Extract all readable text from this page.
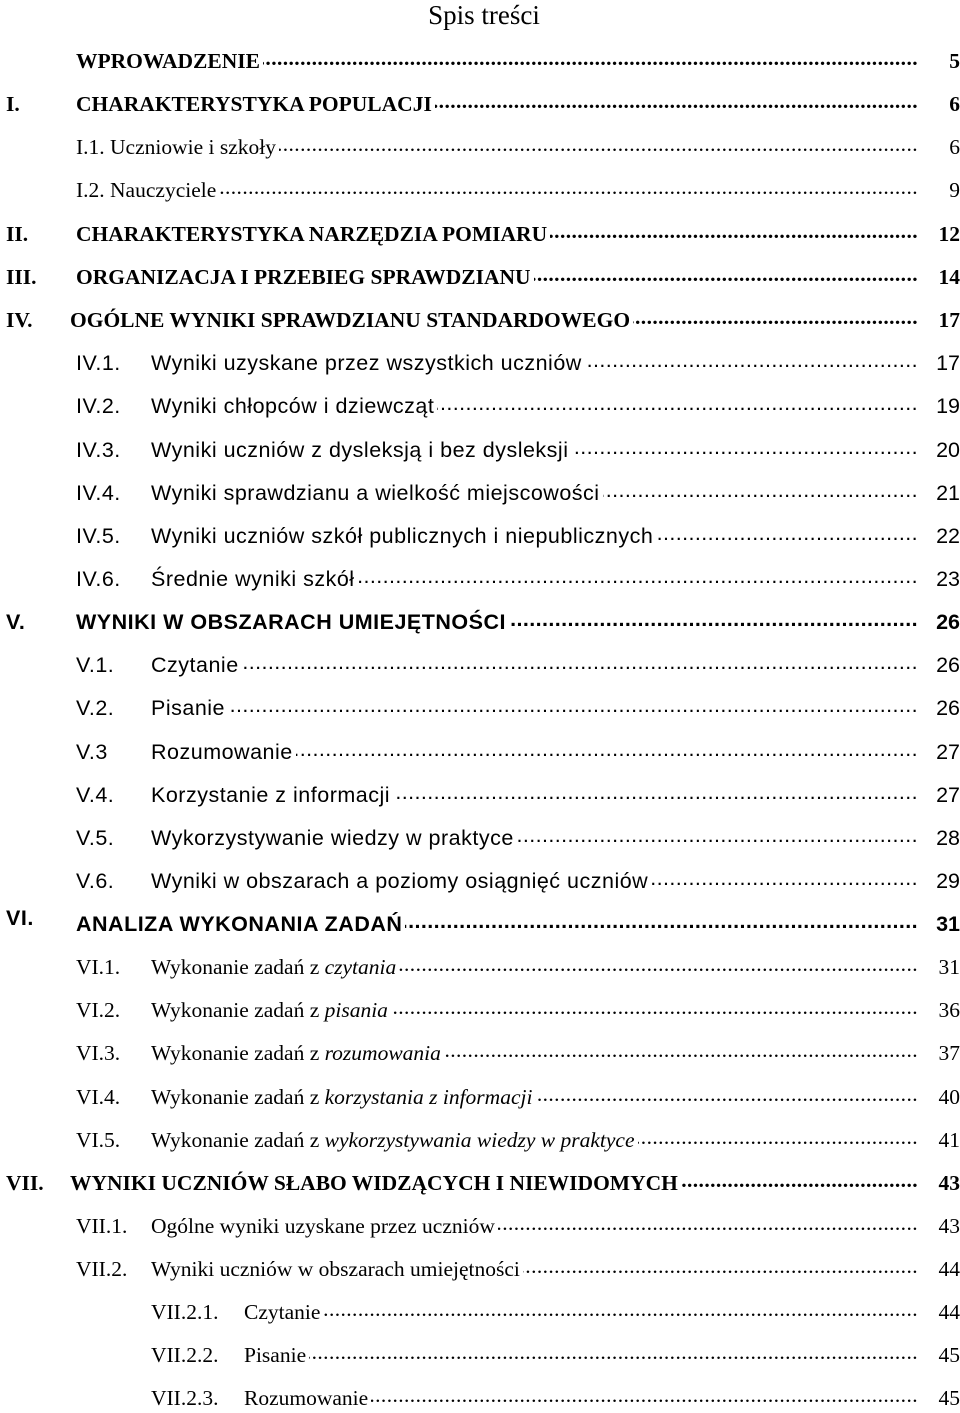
Spis treści
.....
WPROWADZENIE	5
.....
I.	CHARAKTERYSTYKA POPULACJI	6
.....
I.1. Uczniowie i szkoły	6
.....
I.2. Nauczyciele	9
.....
II. CHARAKTERYSTYKA NARZĘDZIA POMIARU	12
.....
III. ORGANIZACJA I PRZEBIEG SPRAWDZIANU	14
.....
IV. OGÓLNE WYNIKI SPRAWDZIANU STANDARDOWEGO	17
.....
IV.1. Wyniki uzyskane przez wszystkich uczniów	17
.....
IV.2. Wyniki chłopców i dziewcząt	19
.....
IV.3. Wyniki uczniów z dysleksją i bez dysleksji	20
.....
IV.4. Wyniki sprawdzianu a wielkość miejscowości	21
.....
IV.5. Wyniki uczniów szkół publicznych i niepublicznych	22
.....
IV.6. Średnie wyniki szkół	23
.....
V. WYNIKI W OBSZARACH UMIEJĘTNOŚCI	26
.....
V.1. Czytanie	26
.....
V.2. Pisanie	26
.....
V.3 Rozumowanie	27
.....
V.4. Korzystanie z informacji	27
.....
V.5. Wykorzystywanie wiedzy w praktyce	28
.....
V.6. Wyniki w obszarach a poziomy osiągnięć uczniów	29
.....
VI. ANALIZA WYKONANIA ZADAŃ	31
.....
VI.1. Wykonanie zadań z czytania	31
.....
VI.2. Wykonanie zadań z pisania	36
.....
VI.3. Wykonanie zadań z rozumowania	37
.....
VI.4. Wykonanie zadań z korzystania z informacji	40
.....
VI.5. Wykonanie zadań z wykorzystywania wiedzy w praktyce	41
.....
VII. WYNIKI UCZNIÓW SŁABO WIDZĄCYCH I NIEWIDOMYCH	43
.....
VII.1. Ogólne wyniki uzyskane przez uczniów	43
.....
VII.2. Wyniki uczniów w obszarach umiejętności	44
.....
VII.2.1. Czytanie	44
.....
VII.2.2. Pisanie	45
.....
VII.2.3. Rozumowanie	45
